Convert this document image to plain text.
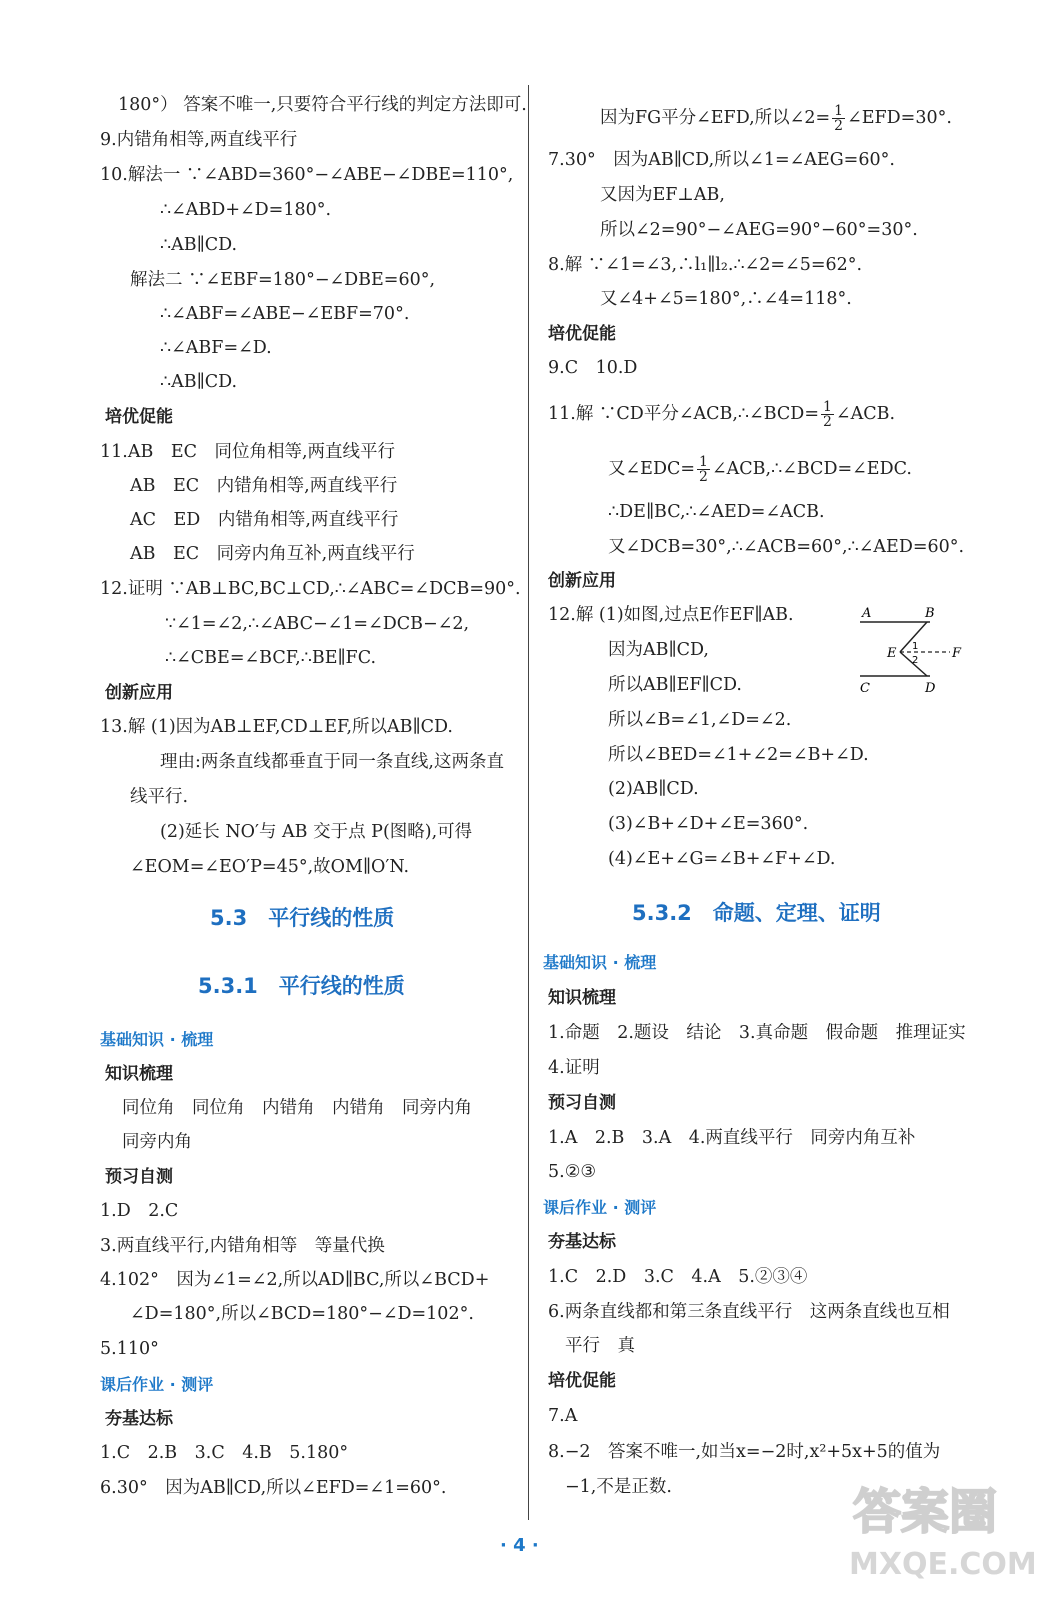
180°） 答案不唯一,只要符合平行线的判定方法即可.
9.内错角相等,两直线平行
10.解法一 ∵∠ABD=360°−∠ABE−∠DBE=110°,
∴∠ABD+∠D=180°.
∴AB∥CD.
解法二 ∵∠EBF=180°−∠DBE=60°,
∴∠ABF=∠ABE−∠EBF=70°.
∴∠ABF=∠D.
∴AB∥CD.
培优促能
11.AB　EC　同位角相等,两直线平行
AB　EC　内错角相等,两直线平行
AC　ED　内错角相等,两直线平行
AB　EC　同旁内角互补,两直线平行
12.证明 ∵AB⊥BC,BC⊥CD,∴∠ABC=∠DCB=90°.
∵∠1=∠2,∴∠ABC−∠1=∠DCB−∠2,
∴∠CBE=∠BCF,∴BE∥FC.
创新应用
13.解 (1)因为AB⊥EF,CD⊥EF,所以AB∥CD.
理由:两条直线都垂直于同一条直线,这两条直
线平行.
(2)延长 NO′与 AB 交于点 P(图略),可得
∠EOM=∠EO′P=45°,故OM∥O′N.
5.3　平行线的性质
5.3.1　平行线的性质
基础知识 · 梳理
知识梳理
同位角　同位角　内错角　内错角　同旁内角
同旁内角
预习自测
1.D　2.C
3.两直线平行,内错角相等　等量代换
4.102°　因为∠1=∠2,所以AD∥BC,所以∠BCD+
∠D=180°,所以∠BCD=180°−∠D=102°.
5.110°
课后作业 · 测评
夯基达标
1.C　2.B　3.C　4.B　5.180°
6.30°　因为AB∥CD,所以∠EFD=∠1=60°.
因为FG平分∠EFD,所以∠2= $\frac{1}{2}$ ∠EFD=30°.
7.30°　因为AB∥CD,所以∠1=∠AEG=60°.
又因为EF⊥AB,
所以∠2=90°−∠AEG=90°−60°=30°.
8.解 ∵∠1=∠3,∴l₁∥l₂.∴∠2=∠5=62°.
又∠4+∠5=180°,∴∠4=118°.
培优促能
9.C　10.D
11.解 ∵CD平分∠ACB,∴∠BCD= $\frac{1}{2}$ ∠ACB.
又∠EDC= $\frac{1}{2}$ ∠ACB,∴∠BCD=∠EDC.
∴DE∥BC,∴∠AED=∠ACB.
又∠DCB=30°,∴∠ACB=60°,∴∠AED=60°.
创新应用
12.解 (1)如图,过点E作EF∥AB.
因为AB∥CD,
所以AB∥EF∥CD.
所以∠B=∠1,∠D=∠2.
所以∠BED=∠1+∠2=∠B+∠D.
(2)AB∥CD.
(3)∠B+∠D+∠E=360°.
(4)∠E+∠G=∠B+∠F+∠D.
A	B
E	F
C	D
1
2
5.3.2　命题、定理、证明
基础知识 · 梳理
知识梳理
1.命题　2.题设　结论　3.真命题　假命题　推理证实
4.证明
预习自测
1.A　2.B　3.A　4.两直线平行　同旁内角互补
5.②③
课后作业 · 测评
夯基达标
1.C　2.D　3.C　4.A　5.②③④
6.两条直线都和第三条直线平行　这两条直线也互相
平行　真
培优促能
7.A
8.−2　答案不唯一,如当x=−2时,x²+5x+5的值为
−1,不是正数.
· 4 ·
答案圈
MXQE.COM
